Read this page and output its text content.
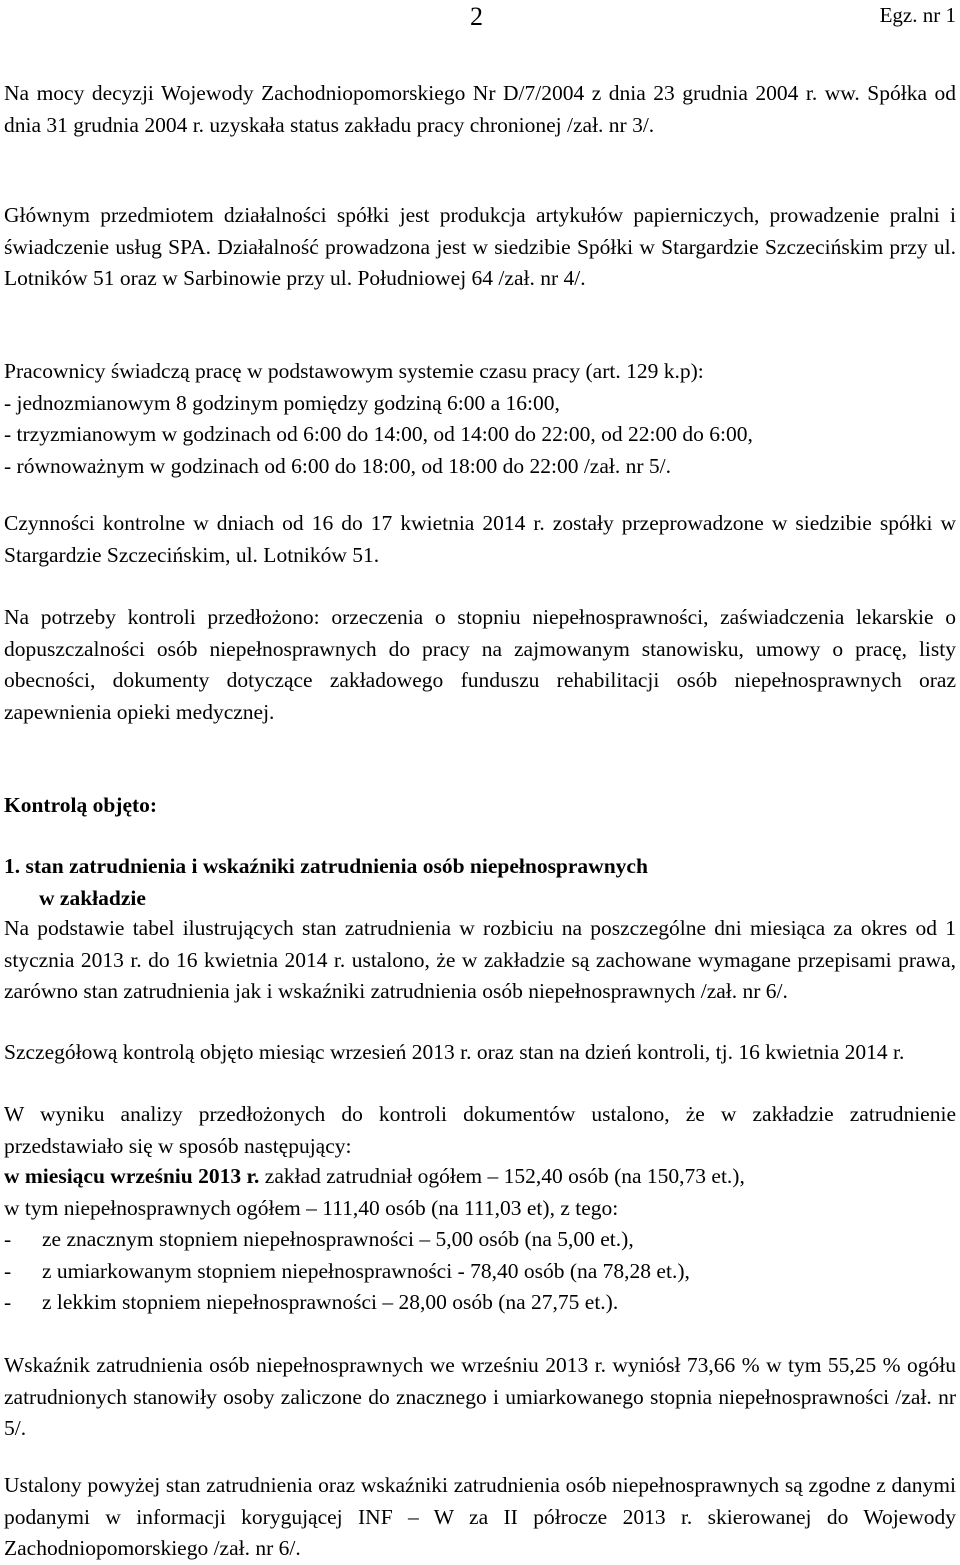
2	Egz. nr 1

Na mocy decyzji Wojewody Zachodniopomorskiego Nr D/7/2004 z dnia 23 grudnia 2004 r. ww. Spółka od dnia 31 grudnia 2004 r. uzyskała status zakładu pracy chronionej /zał. nr 3/.

Głównym przedmiotem działalności spółki jest produkcja artykułów papierniczych, prowadzenie pralni i świadczenie usług SPA. Działalność prowadzona jest w siedzibie Spółki w Stargardzie Szczecińskim przy ul. Lotników 51 oraz w Sarbinowie przy ul. Południowej 64 /zał. nr 4/.

Pracownicy świadczą pracę w podstawowym systemie czasu pracy (art. 129 k.p):
- jednozmianowym 8 godzinym pomiędzy godziną 6:00 a 16:00,
- trzyzmianowym w godzinach od 6:00 do 14:00, od 14:00 do 22:00, od 22:00 do 6:00,
- równoważnym w godzinach od 6:00 do 18:00, od 18:00 do 22:00 /zał. nr 5/.

Czynności kontrolne w dniach od 16 do 17 kwietnia 2014 r. zostały przeprowadzone w siedzibie spółki w Stargardzie Szczecińskim, ul. Lotników 51.

Na potrzeby kontroli przedłożono: orzeczenia o stopniu niepełnosprawności, zaświadczenia lekarskie o dopuszczalności osób niepełnosprawnych do pracy na zajmowanym stanowisku, umowy o pracę, listy obecności, dokumenty dotyczące zakładowego funduszu rehabilitacji osób niepełnosprawnych oraz zapewnienia opieki medycznej.

Kontrolą objęto:
1. stan zatrudnienia i wskaźniki zatrudnienia osób niepełnosprawnych
w zakładzie

Na podstawie tabel ilustrujących stan zatrudnienia w rozbiciu na poszczególne dni miesiąca za okres od 1 stycznia 2013 r. do 16 kwietnia 2014 r. ustalono, że w zakładzie są zachowane wymagane przepisami prawa, zarówno stan zatrudnienia jak i wskaźniki zatrudnienia osób niepełnosprawnych /zał. nr 6/.

Szczegółową kontrolą objęto miesiąc wrzesień 2013 r. oraz stan na dzień kontroli, tj. 16 kwietnia 2014 r.

W wyniku analizy przedłożonych do kontroli dokumentów ustalono, że w zakładzie zatrudnienie przedstawiało się w sposób następujący:

w miesiącu wrześniu 2013 r. zakład zatrudniał ogółem – 152,40 osób (na 150,73 et.),
w tym niepełnosprawnych ogółem – 111,40 osób (na 111,03 et), z tego:
- ze znacznym stopniem niepełnosprawności – 5,00 osób (na 5,00 et.),
- z umiarkowanym stopniem niepełnosprawności - 78,40 osób (na 78,28 et.),
- z lekkim stopniem niepełnosprawności – 28,00 osób (na 27,75 et.).

Wskaźnik zatrudnienia osób niepełnosprawnych we wrześniu 2013 r. wyniósł 73,66 % w tym 55,25 % ogółu zatrudnionych stanowiły osoby zaliczone do znacznego i umiarkowanego stopnia niepełnosprawności /zał. nr 5/.

Ustalony powyżej stan zatrudnienia oraz wskaźniki zatrudnienia osób niepełnosprawnych są zgodne z danymi podanymi w informacji korygującej INF – W za II półrocze 2013 r. skierowanej do Wojewody Zachodniopomorskiego /zał. nr 6/.
